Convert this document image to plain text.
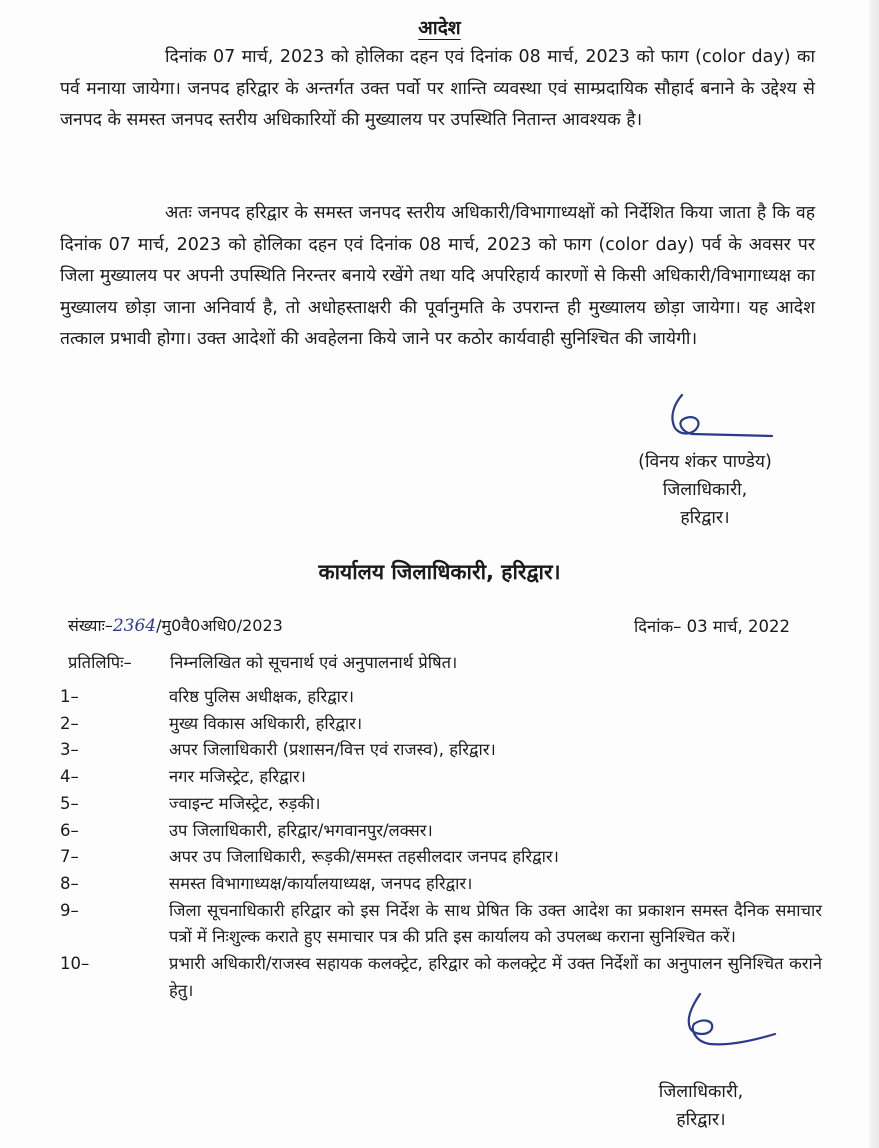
आदेश
दिनांक 07 मार्च, 2023 को होलिका दहन एवं दिनांक 08 मार्च, 2023 को फाग (color day) का पर्व मनाया जायेगा। जनपद हरिद्वार के अन्तर्गत उक्त पर्वो पर शान्ति व्यवस्था एवं साम्प्रदायिक सौहार्द बनाने के उद्देश्य से जनपद के समस्त जनपद स्तरीय अधिकारियों की मुख्यालय पर उपस्थिति नितान्त आवश्यक है।
अतः जनपद हरिद्वार के समस्त जनपद स्तरीय अधिकारी/विभागाध्यक्षों को निर्देशित किया जाता है कि वह दिनांक 07 मार्च, 2023 को होलिका दहन एवं दिनांक 08 मार्च, 2023 को फाग (color day) पर्व के अवसर पर जिला मुख्यालय पर अपनी उपस्थिति निरन्तर बनाये रखेंगे तथा यदि अपरिहार्य कारणों से किसी अधिकारी/विभागाध्यक्ष का मुख्यालय छोड़ा जाना अनिवार्य है, तो अधोहस्ताक्षरी की पूर्वानुमति के उपरान्त ही मुख्यालय छोड़ा जायेगा। यह आदेश तत्काल प्रभावी होगा। उक्त आदेशों की अवहेलना किये जाने पर कठोर कार्यवाही सुनिश्चित की जायेगी।
(विनय शंकर पाण्डेय)
जिलाधिकारी,
हरिद्वार।
कार्यालय जिलाधिकारी, हरिद्वार।
संख्याः–2364/मु0वै0अधि0/2023	दिनांक– 03 मार्च, 2022
प्रतिलिपिः– निम्नलिखित को सूचनार्थ एवं अनुपालनार्थ प्रेषित।
1–	वरिष्ठ पुलिस अधीक्षक, हरिद्वार।
2–	मुख्य विकास अधिकारी, हरिद्वार।
3–	अपर जिलाधिकारी (प्रशासन/वित्त एवं राजस्व), हरिद्वार।
4–	नगर मजिस्ट्रेट, हरिद्वार।
5–	ज्वाइन्ट मजिस्ट्रेट, रुड़की।
6–	उप जिलाधिकारी, हरिद्वार/भगवानपुर/लक्सर।
7–	अपर उप जिलाधिकारी, रूड़की/समस्त तहसीलदार जनपद हरिद्वार।
8–	समस्त विभागाध्यक्ष/कार्यालयाध्यक्ष, जनपद हरिद्वार।
9–	जिला सूचनाधिकारी हरिद्वार को इस निर्देश के साथ प्रेषित कि उक्त आदेश का प्रकाशन समस्त दैनिक समाचार पत्रों में निःशुल्क कराते हुए समाचार पत्र की प्रति इस कार्यालय को उपलब्ध कराना सुनिश्चित करें।
10–	प्रभारी अधिकारी/राजस्व सहायक कलक्ट्रेट, हरिद्वार को कलक्ट्रेट में उक्त निर्देशों का अनुपालन सुनिश्चित कराने हेतु।
जिलाधिकारी,
हरिद्वार।
